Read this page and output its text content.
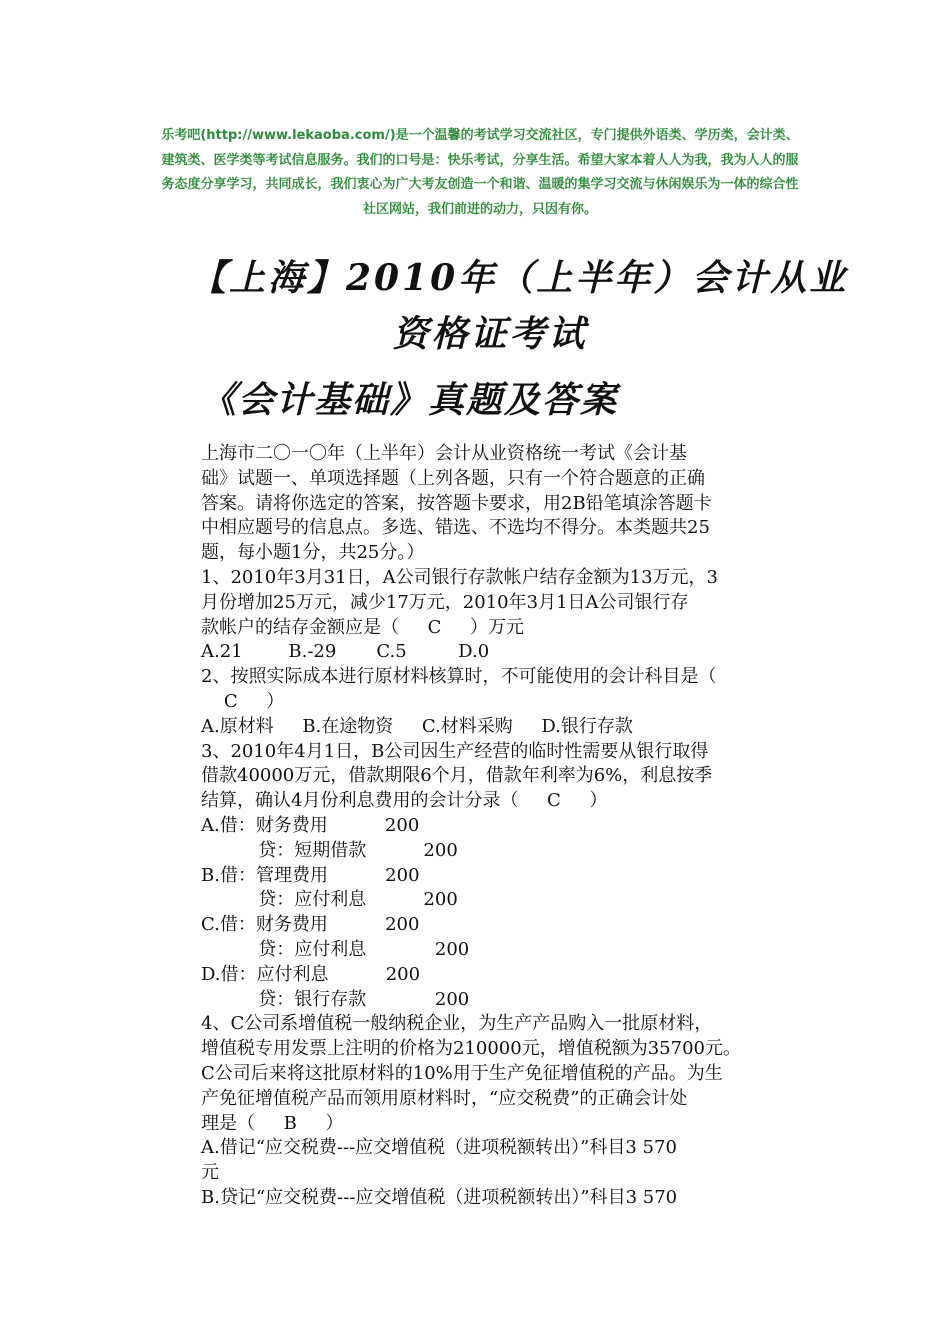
乐考吧(http://www.lekaoba.com/)是一个温馨的考试学习交流社区，专门提供外语类、学历类，会计类、建筑类、医学类等考试信息服务。我们的口号是：快乐考试，分享生活。希望大家本着人人为我，我为人人的服务态度分享学习，共同成长，我们衷心为广大考友创造一个和谐、温暖的集学习交流与休闲娱乐为一体的综合性社区网站，我们前进的动力，只因有你。
【上海】2010年（上半年）会计从业
资格证考试
《会计基础》真题及答案
上海市二〇一〇年（上半年）会计从业资格统一考试《会计基
础》试题一、单项选择题（上列各题，只有一个符合题意的正确
答案。请将你选定的答案，按答题卡要求，用2B铅笔填涂答题卡
中相应题号的信息点。多选、错选、不选均不得分。本类题共25
题，每小题1分，共25分。）
1、2010年3月31日，A公司银行存款帐户结存金额为13万元，3
月份增加25万元，减少17万元，2010年3月1日A公司银行存
款帐户的结存金额应是（     C     ）万元
A.21        B.-29       C.5         D.0
2、按照实际成本进行原材料核算时，不可能使用的会计科目是（
C     ）
A.原材料     B.在途物资     C.材料采购     D.银行存款
3、2010年4月1日，B公司因生产经营的临时性需要从银行取得
借款40000万元，借款期限6个月，借款年利率为6%，利息按季
结算，确认4月份利息费用的会计分录（     C     ）
A.借：财务费用          200
贷：短期借款          200
B.借：管理费用          200
贷：应付利息          200
C.借：财务费用          200
贷：应付利息            200
D.借：应付利息          200
贷：银行存款            200
4、C公司系增值税一般纳税企业，为生产产品购入一批原材料，
增值税专用发票上注明的价格为210000元，增值税额为35700元。
C公司后来将这批原材料的10%用于生产免征增值税的产品。为生
产免征增值税产品而领用原材料时，“应交税费”的正确会计处
理是（     B     ）
A.借记“应交税费---应交增值税（进项税额转出）”科目3 570
元
B.贷记“应交税费---应交增值税（进项税额转出）”科目3 570
